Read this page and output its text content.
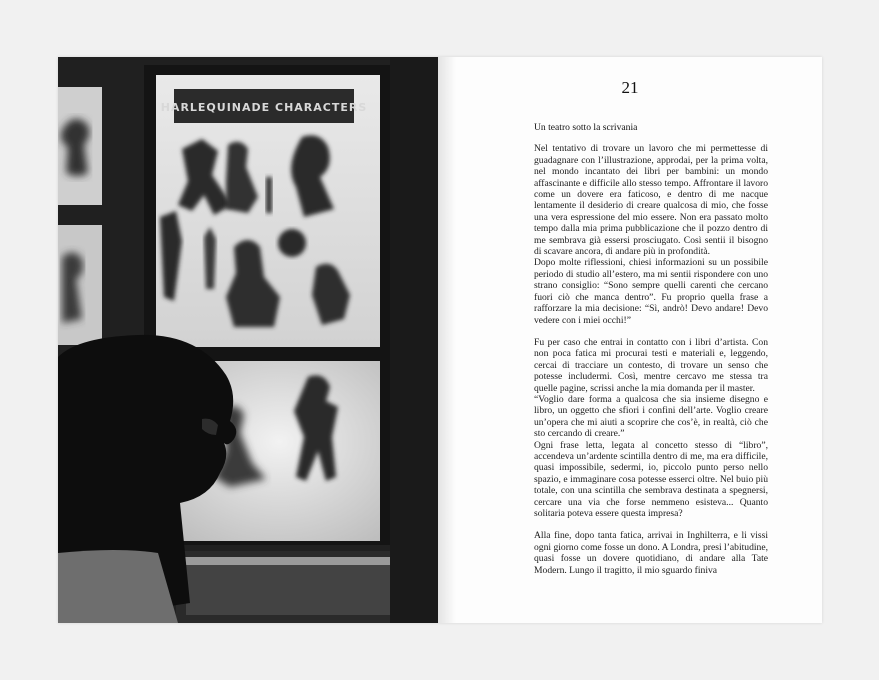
HARLEQUINADE CHARACTERS
21

Un teatro sotto la scrivania

Nel tentativo di trovare un lavoro che mi permettesse di guadagnare con l’illustrazione, approdai, per la prima volta, nel mondo incantato dei libri per bambini: un mondo affascinante e difficile allo stesso tempo. Affrontare il lavoro come un dovere era faticoso, e dentro di me nacque lentamente il desiderio di creare qualcosa di mio, che fosse una vera espressione del mio essere. Non era passato molto tempo dalla mia prima pubblicazione che il pozzo dentro di me sembrava già essersi prosciugato. Così sentii il bisogno di scavare ancora, di andare più in profondità.
Dopo molte riflessioni, chiesi informazioni su un possibile periodo di studio all’estero, ma mi sentii rispondere con uno strano consiglio: “Sono sempre quelli carenti che cercano fuori ciò che manca dentro”. Fu proprio quella frase a rafforzare la mia decisione: “Sì, andrò! Devo andare! Devo vedere con i miei occhi!”

Fu per caso che entrai in contatto con i libri d’artista. Con non poca fatica mi procurai testi e materiali e, leggendo, cercai di tracciare un contesto, di trovare un senso che potesse includermi. Così, mentre cercavo me stessa tra quelle pagine, scrissi anche la mia domanda per il master.
“Voglio dare forma a qualcosa che sia insieme disegno e libro, un oggetto che sfiori i confini dell’arte. Voglio creare un’opera che mi aiuti a scoprire che cos’è, in realtà, ciò che sto cercando di creare.”
Ogni frase letta, legata al concetto stesso di “libro”, accendeva un’ardente scintilla dentro di me, ma era difficile, quasi impossibile, sedermi, io, piccolo punto perso nello spazio, e immaginare cosa potesse esserci oltre. Nel buio più totale, con una scintilla che sembrava destinata a spegnersi, cercare una via che forse nemmeno esisteva... Quanto solitaria poteva essere questa impresa?

Alla fine, dopo tanta fatica, arrivai in Inghilterra, e li vissi ogni giorno come fosse un dono. A Londra, presi l’abitudine, quasi fosse un dovere quotidiano, di andare alla Tate Modern. Lungo il tragitto, il mio sguardo finiva
